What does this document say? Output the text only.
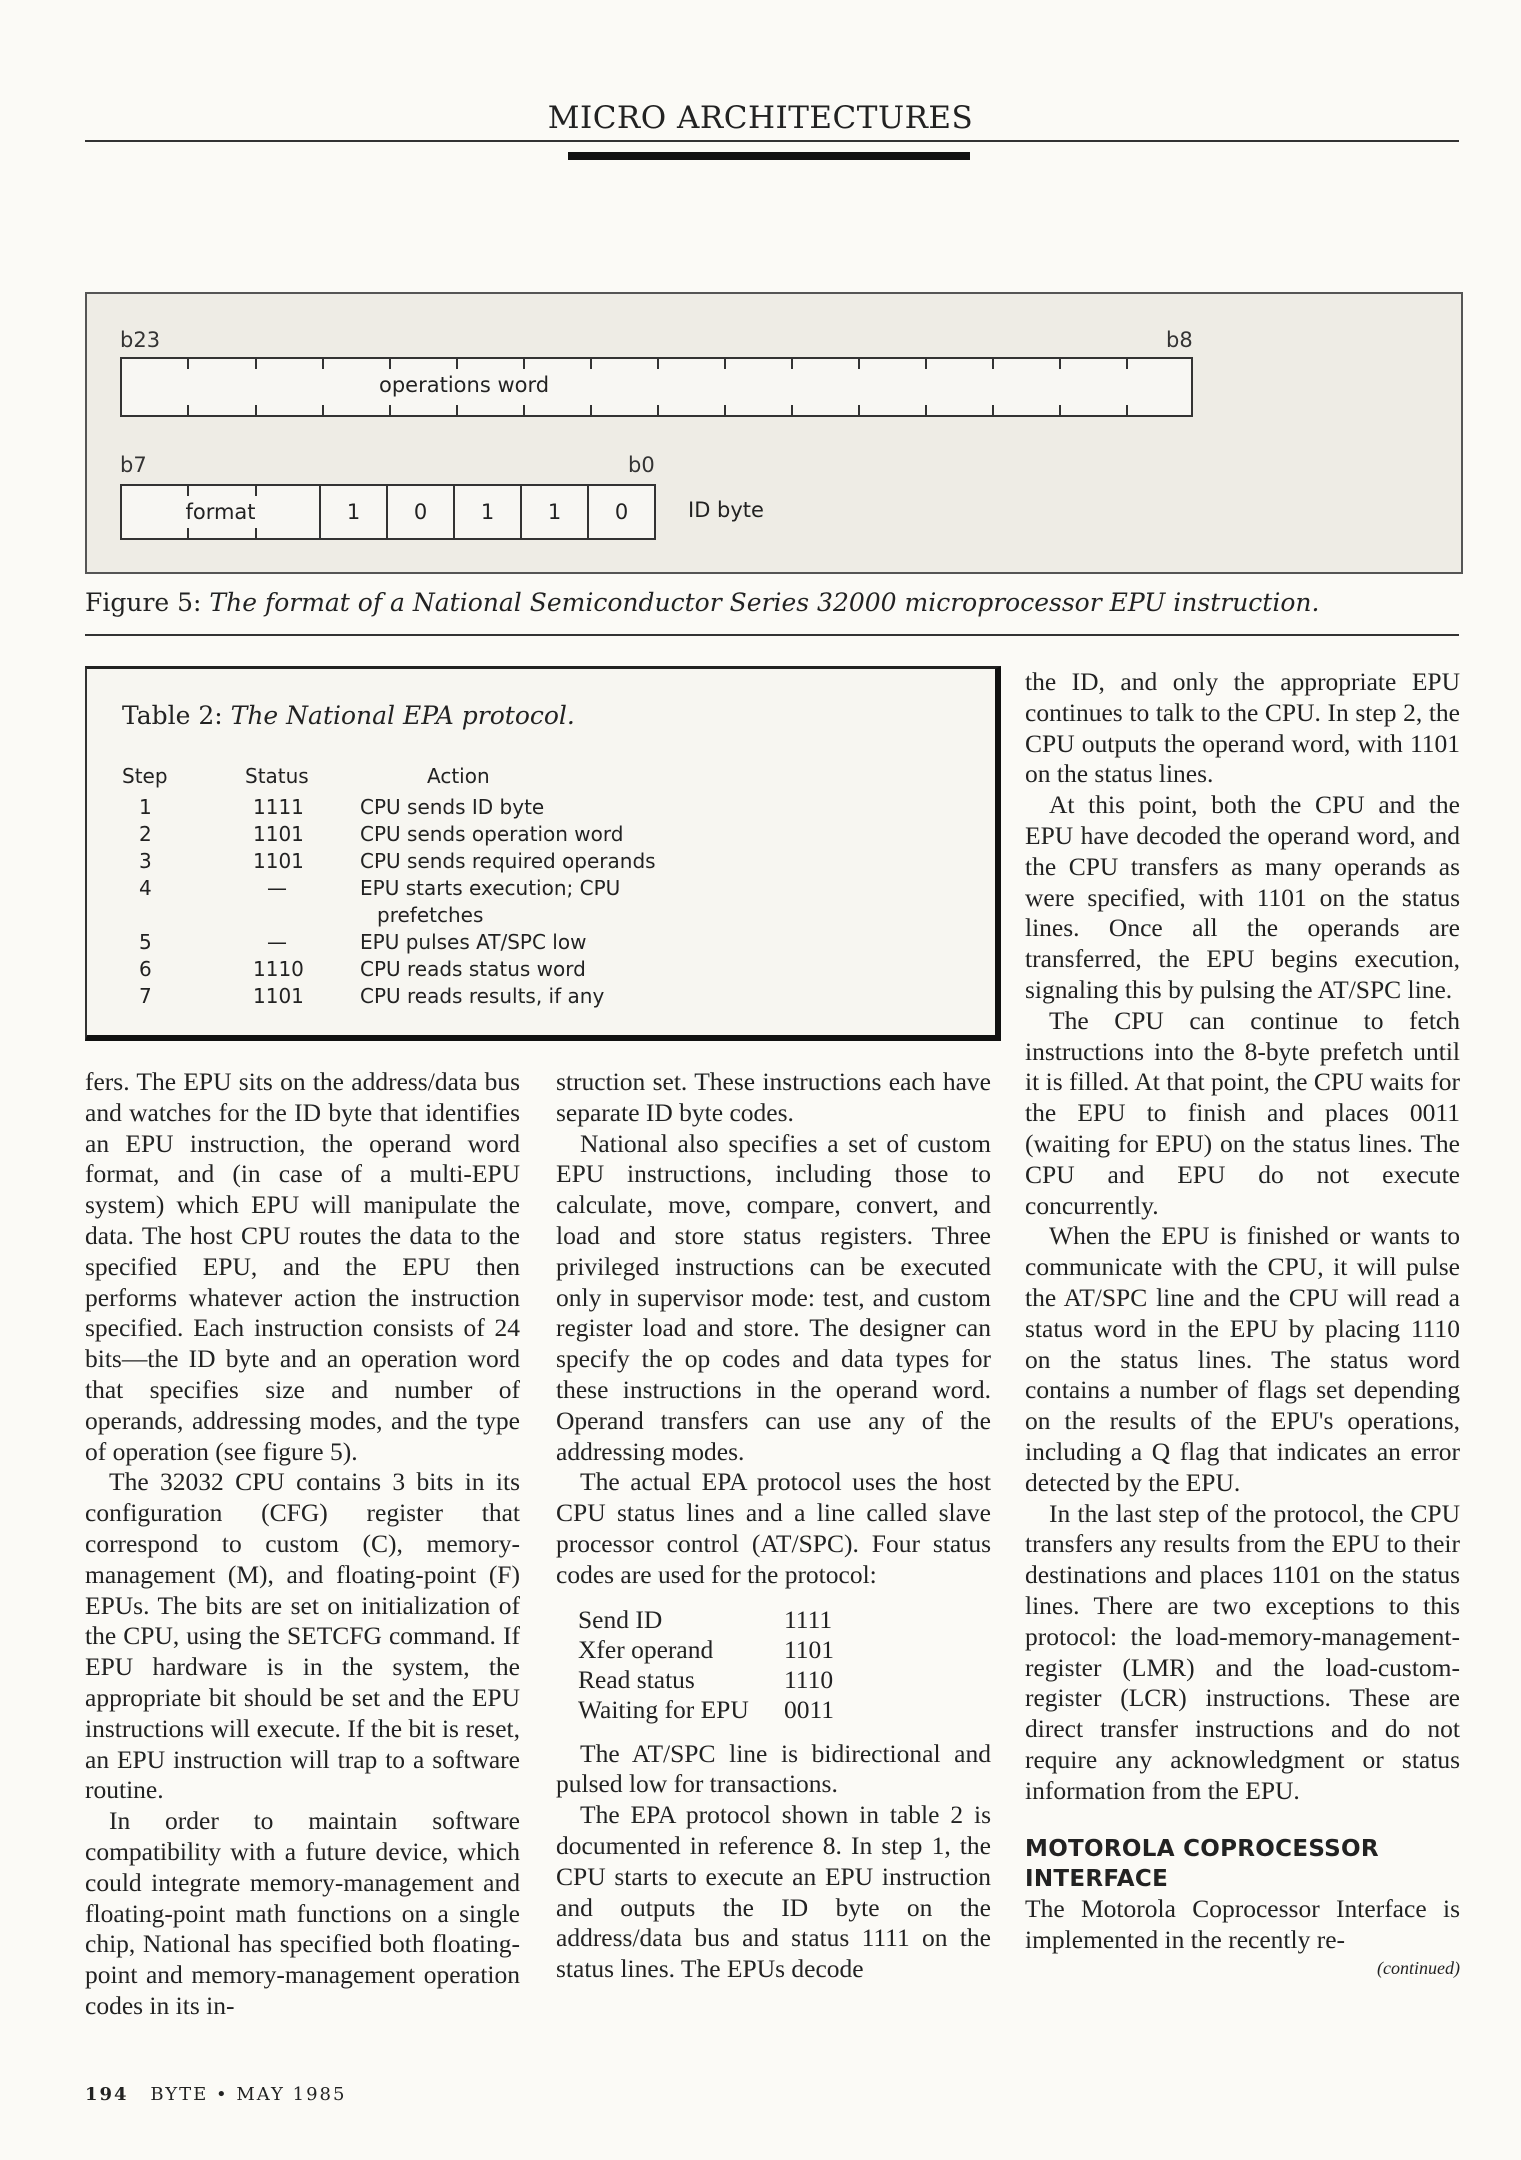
MICRO ARCHITECTURES
b23	b8
operations word
b7	b0
format	1	0	1	1	0	ID byte
Figure 5: The format of a National Semiconductor Series 32000 microprocessor EPU instruction.
Table 2: The National EPA protocol.
Step	Status	Action
1	1111	CPU sends ID byte
2	1101	CPU sends operation word
3	1101	CPU sends required operands
4	—	EPU starts execution; CPU
prefetches
5	—	EPU pulses AT/SPC low
6	1110	CPU reads status word
7	1101	CPU reads results, if any

fers. The EPU sits on the address/data bus and watches for the ID byte that identifies an EPU instruction, the operand word format, and (in case of a multi-EPU system) which EPU will manipulate the data. The host CPU routes the data to the specified EPU, and the EPU then performs whatever action the instruction specified. Each instruction consists of 24 bits—the ID byte and an operation word that specifies size and number of operands, addressing modes, and the type of operation (see figure 5).

The 32032 CPU contains 3 bits in its configuration (CFG) register that correspond to custom (C), memory-management (M), and floating-point (F) EPUs. The bits are set on initialization of the CPU, using the SETCFG command. If EPU hardware is in the system, the appropriate bit should be set and the EPU instructions will execute. If the bit is reset, an EPU instruction will trap to a software routine.

In order to maintain software compatibility with a future device, which could integrate memory-management and floating-point math functions on a single chip, National has specified both floating-point and memory-management operation codes in its in-

struction set. These instructions each have separate ID byte codes.

National also specifies a set of custom EPU instructions, including those to calculate, move, compare, convert, and load and store status registers. Three privileged instructions can be executed only in supervisor mode: test, and custom register load and store. The designer can specify the op codes and data types for these instructions in the operand word. Operand transfers can use any of the addressing modes.

The actual EPA protocol uses the host CPU status lines and a line called slave processor control (AT/SPC). Four status codes are used for the protocol:

Send ID	1111
Xfer operand	1101
Read status	1110
Waiting for EPU	0011

The AT/SPC line is bidirectional and pulsed low for transactions.

The EPA protocol shown in table 2 is documented in reference 8. In step 1, the CPU starts to execute an EPU instruction and outputs the ID byte on the address/data bus and status 1111 on the status lines. The EPUs decode

the ID, and only the appropriate EPU continues to talk to the CPU. In step 2, the CPU outputs the operand word, with 1101 on the status lines.

At this point, both the CPU and the EPU have decoded the operand word, and the CPU transfers as many operands as were specified, with 1101 on the status lines. Once all the operands are transferred, the EPU begins execution, signaling this by pulsing the AT/SPC line.

The CPU can continue to fetch instructions into the 8-byte prefetch until it is filled. At that point, the CPU waits for the EPU to finish and places 0011 (waiting for EPU) on the status lines. The CPU and EPU do not execute concurrently.

When the EPU is finished or wants to communicate with the CPU, it will pulse the AT/SPC line and the CPU will read a status word in the EPU by placing 1110 on the status lines. The status word contains a number of flags set depending on the results of the EPU's operations, including a Q flag that indicates an error detected by the EPU.

In the last step of the protocol, the CPU transfers any results from the EPU to their destinations and places 1101 on the status lines. There are two exceptions to this protocol: the load-memory-management-register (LMR) and the load-custom-register (LCR) instructions. These are direct transfer instructions and do not require any acknowledgment or status information from the EPU.

MOTOROLA COPROCESSOR
INTERFACE

The Motorola Coprocessor Interface is implemented in the recently re-

(continued)
194 BYTE • MAY 1985
